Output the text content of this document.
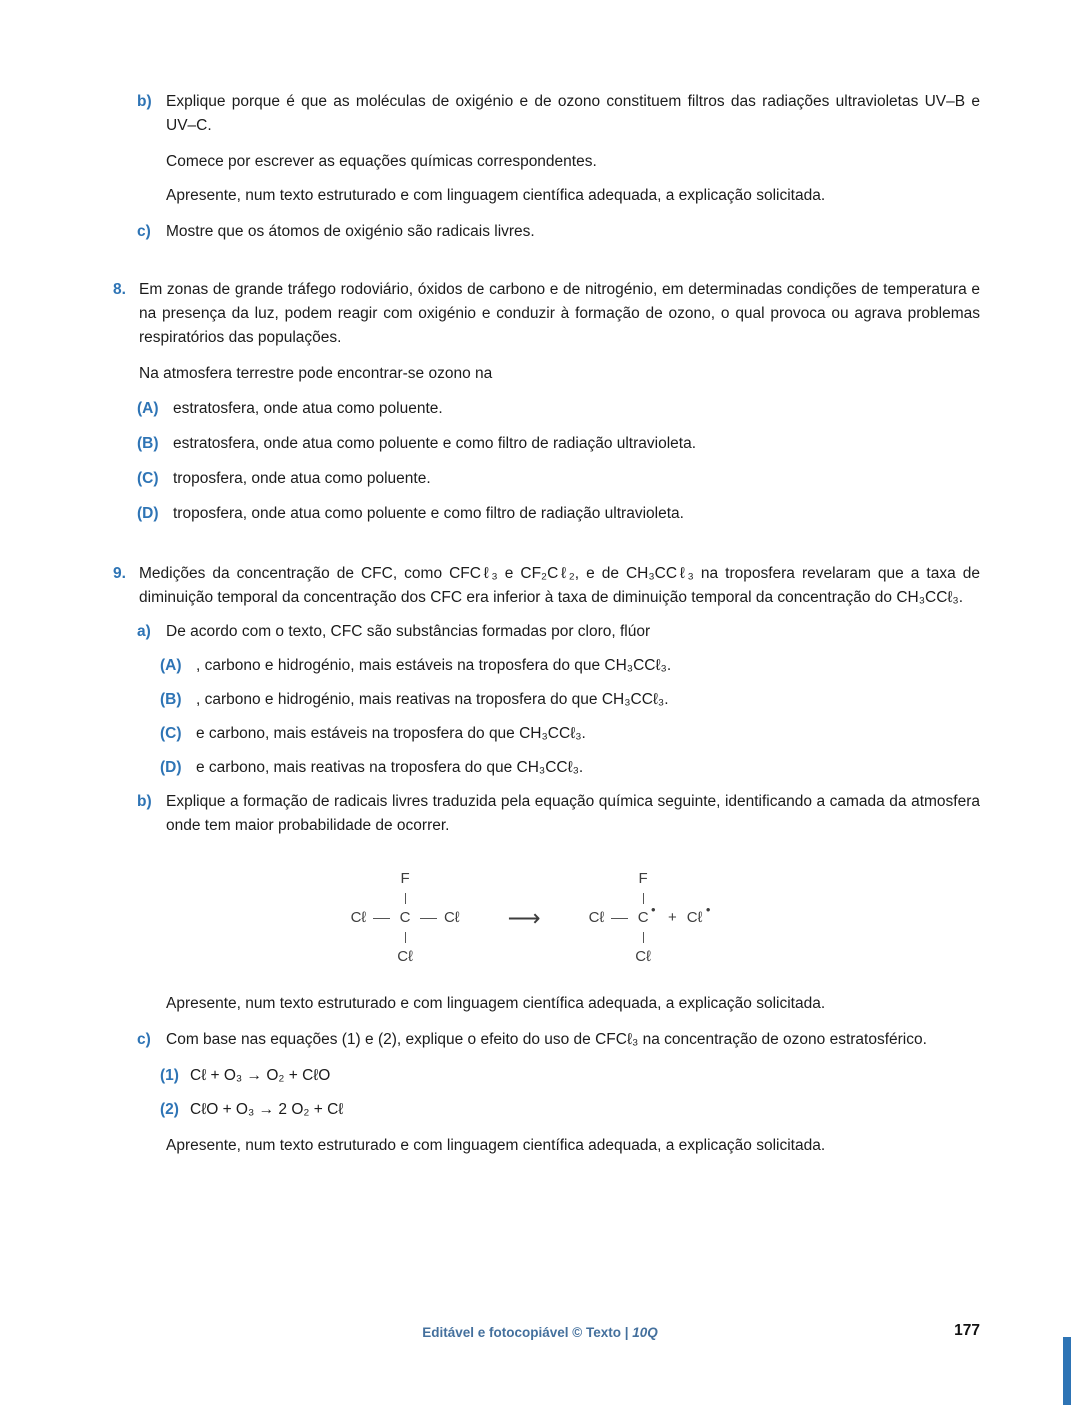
b) Explique porque é que as moléculas de oxigénio e de ozono constituem filtros das radiações ultravioletas UV–B e UV–C.
Comece por escrever as equações químicas correspondentes.
Apresente, num texto estruturado e com linguagem científica adequada, a explicação solicitada.
c) Mostre que os átomos de oxigénio são radicais livres.
8. Em zonas de grande tráfego rodoviário, óxidos de carbono e de nitrogénio, em determinadas condições de temperatura e na presença da luz, podem reagir com oxigénio e conduzir à formação de ozono, o qual provoca ou agrava problemas respiratórios das populações.
Na atmosfera terrestre pode encontrar-se ozono na
(A) estratosfera, onde atua como poluente.
(B) estratosfera, onde atua como poluente e como filtro de radiação ultravioleta.
(C) troposfera, onde atua como poluente.
(D) troposfera, onde atua como poluente e como filtro de radiação ultravioleta.
9. Medições da concentração de CFC, como CFCℓ₃ e CF₂Cℓ₂, e de CH₃CCℓ₃ na troposfera revelaram que a taxa de diminuição temporal da concentração dos CFC era inferior à taxa de diminuição temporal da concentração do CH₃CCℓ₃.
a) De acordo com o texto, CFC são substâncias formadas por cloro, flúor
(A) , carbono e hidrogénio, mais estáveis na troposfera do que CH₃CCℓ₃.
(B) , carbono e hidrogénio, mais reativas na troposfera do que CH₃CCℓ₃.
(C) e carbono, mais estáveis na troposfera do que CH₃CCℓ₃.
(D) e carbono, mais reativas na troposfera do que CH₃CCℓ₃.
b) Explique a formação de radicais livres traduzida pela equação química seguinte, identificando a camada da atmosfera onde tem maior probabilidade de ocorrer.
F
Cℓ C Cℓ
Cℓ
⟶
F
Cℓ C •
Cℓ
+ Cℓ •
Apresente, num texto estruturado e com linguagem científica adequada, a explicação solicitada.
c) Com base nas equações (1) e (2), explique o efeito do uso de CFCℓ₃ na concentração de ozono estratosférico.
(1) Cℓ + O₃ → O₂ + CℓO
(2) CℓO + O₃ → 2 O₂ + Cℓ
Apresente, num texto estruturado e com linguagem científica adequada, a explicação solicitada.
Editável e fotocopiável © Texto | 10Q	177
